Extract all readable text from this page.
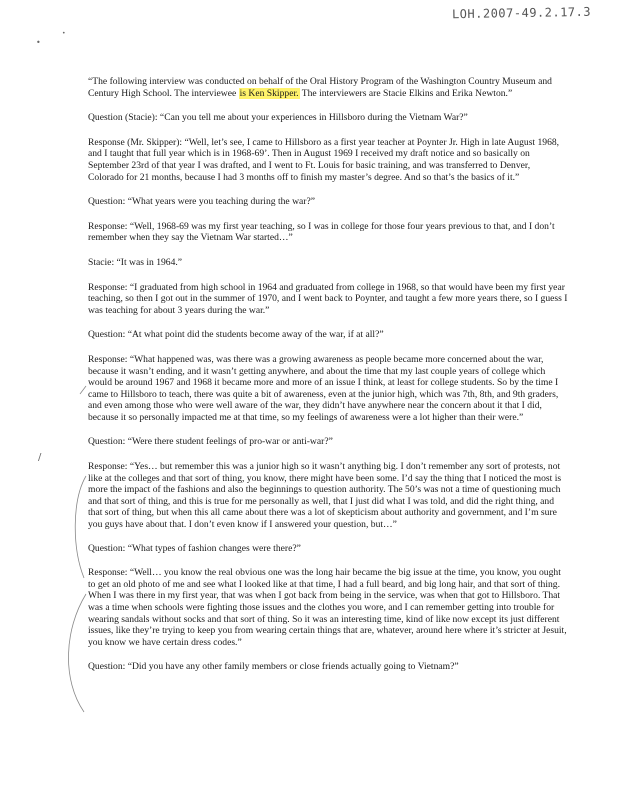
LOH.2007-49.2.17.3
•
•
/

“The following interview was conducted on behalf of the Oral History Program of the Washington Country Museum and Century High School. The interviewee is Ken Skipper. The interviewers are Stacie Elkins and Erika Newton.”

Question (Stacie): “Can you tell me about your experiences in Hillsboro during the Vietnam War?”

Response (Mr. Skipper): “Well, let’s see, I came to Hillsboro as a first year teacher at Poynter Jr. High in late August 1968, and I taught that full year which is in 1968-69’. Then in August 1969 I received my draft notice and so basically on September 23rd of that year I was drafted, and I went to Ft. Louis for basic training, and was transferred to Denver, Colorado for 21 months, because I had 3 months off to finish my master’s degree. And so that’s the basics of it.”

Question: “What years were you teaching during the war?”

Response: “Well, 1968-69 was my first year teaching, so I was in college for those four years previous to that, and I don’t remember when they say the Vietnam War started…”

Stacie: “It was in 1964.”

Response: “I graduated from high school in 1964 and graduated from college in 1968, so that would have been my first year teaching, so then I got out in the summer of 1970, and I went back to Poynter, and taught a few more years there, so I guess I was teaching for about 3 years during the war.”

Question: “At what point did the students become away of the war, if at all?”

Response: “What happened was, was there was a growing awareness as people became more concerned about the war, because it wasn’t ending, and it wasn’t getting anywhere, and about the time that my last couple years of college which would be around 1967 and 1968 it became more and more of an issue I think, at least for college students. So by the time I came to Hillsboro to teach, there was quite a bit of awareness, even at the junior high, which was 7th, 8th, and 9th graders, and even among those who were well aware of the war, they didn’t have anywhere near the concern about it that I did, because it so personally impacted me at that time, so my feelings of awareness were a lot higher than their were.”

Question: “Were there student feelings of pro-war or anti-war?”

Response: “Yes… but remember this was a junior high so it wasn’t anything big. I don’t remember any sort of protests, not like at the colleges and that sort of thing, you know, there might have been some. I’d say the thing that I noticed the most is more the impact of the fashions and also the beginnings to question authority. The 50’s was not a time of questioning much and that sort of thing, and this is true for me personally as well, that I just did what I was told, and did the right thing, and that sort of thing, but when this all came about there was a lot of skepticism about authority and government, and I’m sure you guys have about that. I don’t even know if I answered your question, but…”

Question: “What types of fashion changes were there?”

Response: “Well… you know the real obvious one was the long hair became the big issue at the time, you know, you ought to get an old photo of me and see what I looked like at that time, I had a full beard, and big long hair, and that sort of thing. When I was there in my first year, that was when I got back from being in the service, was when that got to Hillsboro. That was a time when schools were fighting those issues and the clothes you wore, and I can remember getting into trouble for wearing sandals without socks and that sort of thing. So it was an interesting time, kind of like now except its just different issues, like they’re trying to keep you from wearing certain things that are, whatever, around here where it’s stricter at Jesuit, you know we have certain dress codes.”

Question: “Did you have any other family members or close friends actually going to Vietnam?”
